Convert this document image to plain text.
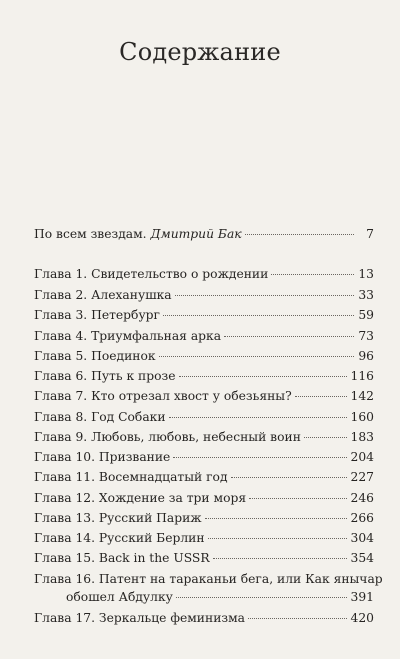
Содержание
По всем звездам. Дмитрий Бак	7
Глава 1. Свидетельство о рождении	13
Глава 2. Алеханушка	33
Глава 3. Петербург	59
Глава 4. Триумфальная арка	73
Глава 5. Поединок	96
Глава 6. Путь к прозе	116
Глава 7. Кто отрезал хвост у обезьяны?	142
Глава 8. Год Собаки	160
Глава 9. Любовь, любовь, небесный воин	183
Глава 10. Призвание	204
Глава 11. Восемнадцатый год	227
Глава 12. Хождение за три моря	246
Глава 13. Русский Париж	266
Глава 14. Русский Берлин	304
Глава 15. Back in the USSR	354
Глава 16. Патент на тараканьи бега, или Как янычар
обошел Абдулку	391
Глава 17. Зеркальце феминизма	420
